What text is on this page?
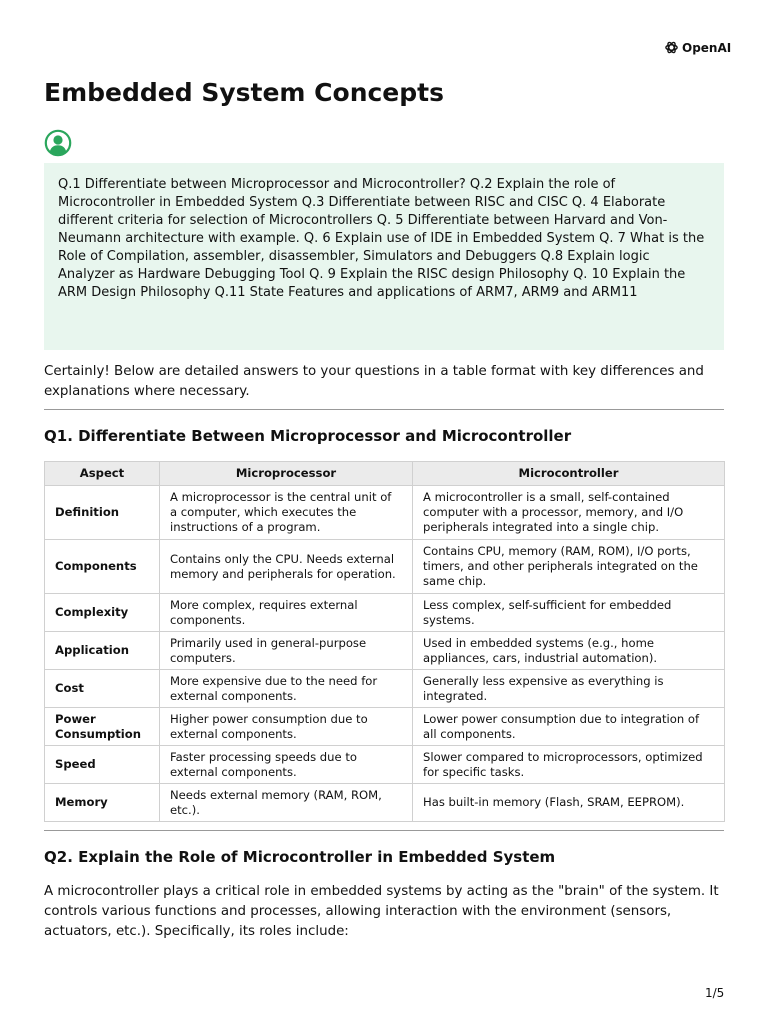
OpenAI
Embedded System Concepts
Q.1 Differentiate between Microprocessor and Microcontroller? Q.2 Explain the role of Microcontroller in Embedded System Q.3 Differentiate between RISC and CISC Q. 4 Elaborate different criteria for selection of Microcontrollers Q. 5 Differentiate between Harvard and Von-Neumann architecture with example. Q. 6 Explain use of IDE in Embedded System Q. 7 What is the Role of Compilation, assembler, disassembler, Simulators and Debuggers Q.8 Explain logic Analyzer as Hardware Debugging Tool Q. 9 Explain the RISC design Philosophy Q. 10 Explain the ARM Design Philosophy Q.11 State Features and applications of ARM7, ARM9 and ARM11

Certainly! Below are detailed answers to your questions in a table format with key differences and explanations where necessary.

Q1. Differentiate Between Microprocessor and Microcontroller
Aspect	Microprocessor	Microcontroller
Definition	A microprocessor is the central unit of a computer, which executes the instructions of a program.	A microcontroller is a small, self-contained computer with a processor, memory, and I/O peripherals integrated into a single chip.
Components	Contains only the CPU. Needs external memory and peripherals for operation.	Contains CPU, memory (RAM, ROM), I/O ports, timers, and other peripherals integrated on the same chip.
Complexity	More complex, requires external components.	Less complex, self-sufficient for embedded systems.
Application	Primarily used in general-purpose computers.	Used in embedded systems (e.g., home appliances, cars, industrial automation).
Cost	More expensive due to the need for external components.	Generally less expensive as everything is integrated.
Power Consumption	Higher power consumption due to external components.	Lower power consumption due to integration of all components.
Speed	Faster processing speeds due to external components.	Slower compared to microprocessors, optimized for specific tasks.
Memory	Needs external memory (RAM, ROM, etc.).	Has built-in memory (Flash, SRAM, EEPROM).
Q2. Explain the Role of Microcontroller in Embedded System

A microcontroller plays a critical role in embedded systems by acting as the "brain" of the system. It controls various functions and processes, allowing interaction with the environment (sensors, actuators, etc.). Specifically, its roles include:

1/5
